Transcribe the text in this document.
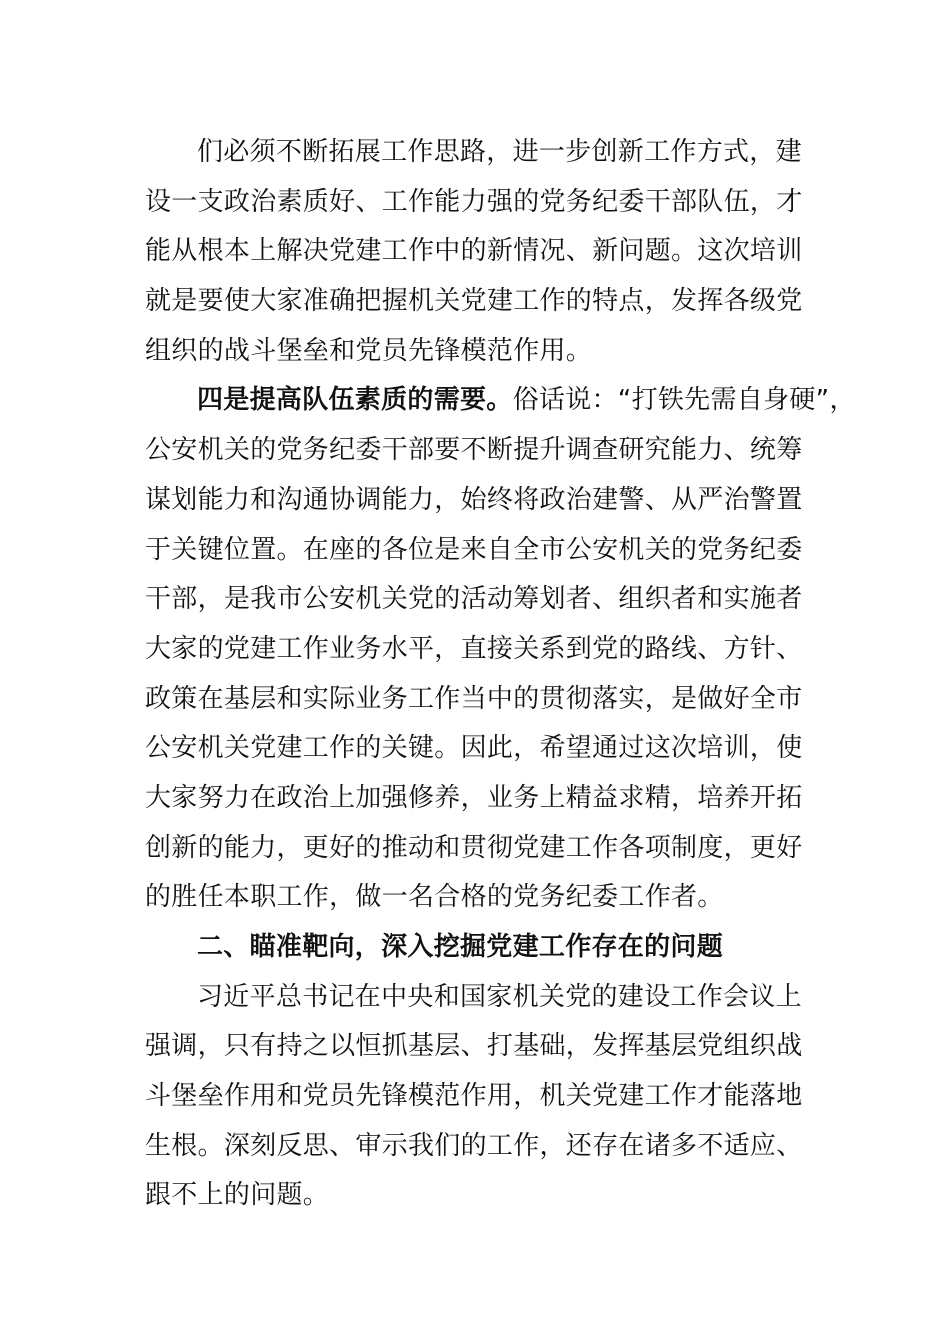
们必须不断拓展工作思路，进一步创新工作方式，建
设一支政治素质好、工作能力强的党务纪委干部队伍，才
能从根本上解决党建工作中的新情况、新问题。这次培训
就是要使大家准确把握机关党建工作的特点，发挥各级党
组织的战斗堡垒和党员先锋模范作用。
四是提高队伍素质的需要。俗话说：“打铁先需自身硬”，
公安机关的党务纪委干部要不断提升调查研究能力、统筹
谋划能力和沟通协调能力，始终将政治建警、从严治警置
于关键位置。在座的各位是来自全市公安机关的党务纪委
干部，是我市公安机关党的活动筹划者、组织者和实施者
大家的党建工作业务水平，直接关系到党的路线、方针、
政策在基层和实际业务工作当中的贯彻落实，是做好全市
公安机关党建工作的关键。因此，希望通过这次培训，使
大家努力在政治上加强修养，业务上精益求精，培养开拓
创新的能力，更好的推动和贯彻党建工作各项制度，更好
的胜任本职工作，做一名合格的党务纪委工作者。
二、瞄准靶向，深入挖掘党建工作存在的问题
习近平总书记在中央和国家机关党的建设工作会议上
强调，只有持之以恒抓基层、打基础，发挥基层党组织战
斗堡垒作用和党员先锋模范作用，机关党建工作才能落地
生根。深刻反思、审示我们的工作，还存在诸多不适应、
跟不上的问题。
